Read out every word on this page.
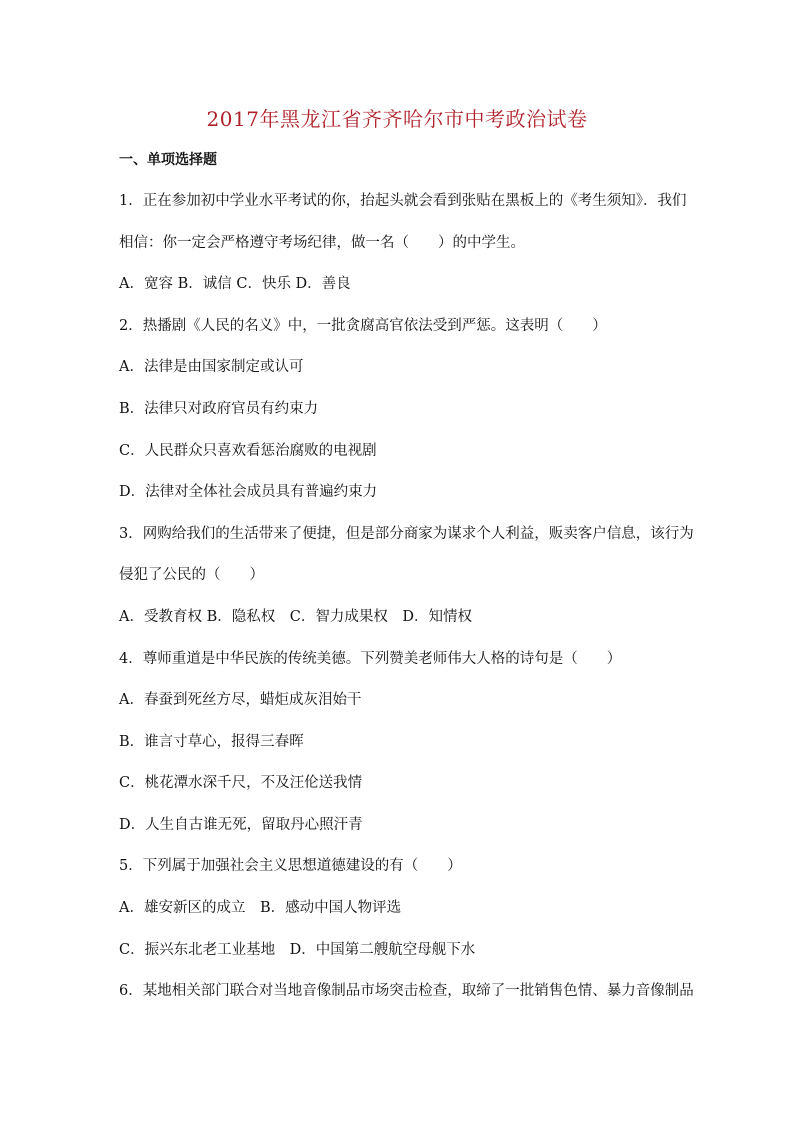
2017年黑龙江省齐齐哈尔市中考政治试卷
一、单项选择题
1．正在参加初中学业水平考试的你，抬起头就会看到张贴在黑板上的《考生须知》．我们
相信：你一定会严格遵守考场纪律，做一名（　　）的中学生。
A．宽容 B．诚信 C．快乐 D．善良
2．热播剧《人民的名义》中，一批贪腐高官依法受到严惩。这表明（　　）
A．法律是由国家制定或认可
B．法律只对政府官员有约束力
C．人民群众只喜欢看惩治腐败的电视剧
D．法律对全体社会成员具有普遍约束力
3．网购给我们的生活带来了便捷，但是部分商家为谋求个人利益，贩卖客户信息，该行为
侵犯了公民的（　　）
A．受教育权 B．隐私权　C．智力成果权　D．知情权
4．尊师重道是中华民族的传统美德。下列赞美老师伟大人格的诗句是（　　）
A．春蚕到死丝方尽，蜡炬成灰泪始干
B．谁言寸草心，报得三春晖
C．桃花潭水深千尺，不及汪伦送我情
D．人生自古谁无死，留取丹心照汗青
5．下列属于加强社会主义思想道德建设的有（　　）
A．雄安新区的成立　B．感动中国人物评选
C．振兴东北老工业基地　D．中国第二艘航空母舰下水
6．某地相关部门联合对当地音像制品市场突击检查，取缔了一批销售色情、暴力音像制品
